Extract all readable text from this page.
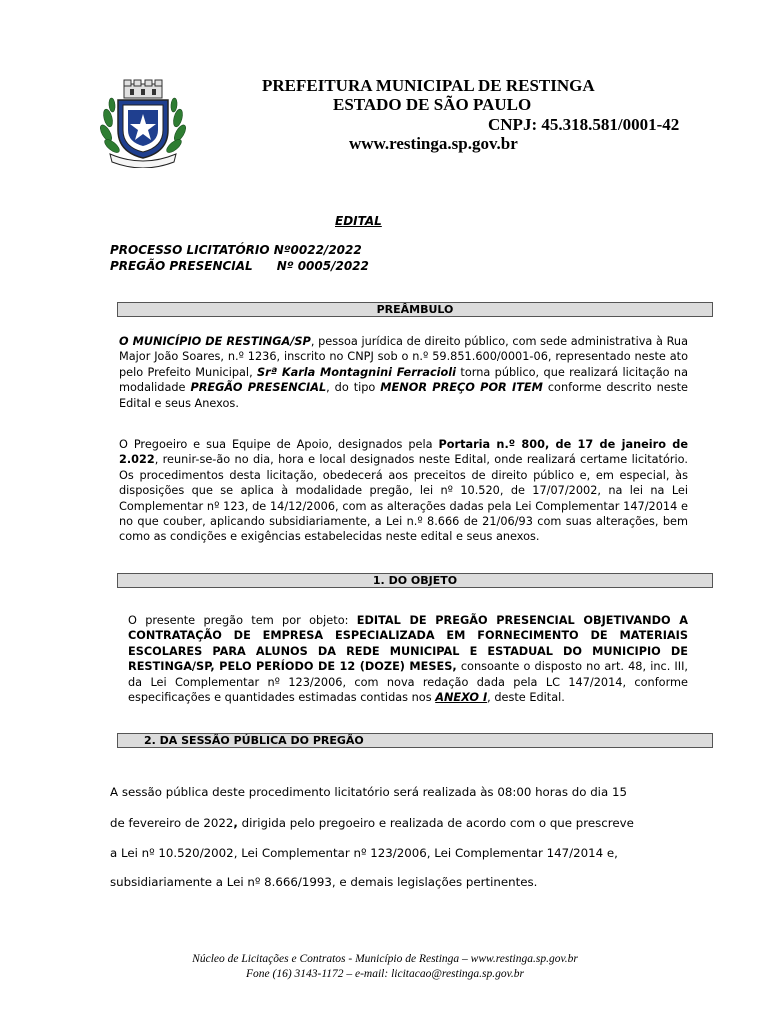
PREFEITURA MUNICIPAL DE RESTINGA
ESTADO DE SÃO PAULO
CNPJ: 45.318.581/0001-42
www.restinga.sp.gov.br
EDITAL
PROCESSO LICITATÓRIO Nº0022/2022
PREGÃO PRESENCIAL Nº 0005/2022
PREÂMBULO
O MUNICÍPIO DE RESTINGA/SP, pessoa jurídica de direito público, com sede administrativa à Rua Major João Soares, n.º 1236, inscrito no CNPJ sob o n.º 59.851.600/0001-06, representado neste ato pelo Prefeito Municipal, Srª Karla Montagnini Ferracioli torna público, que realizará licitação na modalidade PREGÃO PRESENCIAL, do tipo MENOR PREÇO POR ITEM conforme descrito neste Edital e seus Anexos.
O Pregoeiro e sua Equipe de Apoio, designados pela Portaria n.º 800, de 17 de janeiro de 2.022, reunir-se-ão no dia, hora e local designados neste Edital, onde realizará certame licitatório. Os procedimentos desta licitação, obedecerá aos preceitos de direito público e, em especial, às disposições que se aplica à modalidade pregão, lei nº 10.520, de 17/07/2002, na lei na Lei Complementar nº 123, de 14/12/2006, com as alterações dadas pela Lei Complementar 147/2014 e no que couber, aplicando subsidiariamente, a Lei n.º 8.666 de 21/06/93 com suas alterações, bem como as condições e exigências estabelecidas neste edital e seus anexos.
1. DO OBJETO
O presente pregão tem por objeto: EDITAL DE PREGÃO PRESENCIAL OBJETIVANDO A CONTRATAÇÃO DE EMPRESA ESPECIALIZADA EM FORNECIMENTO DE MATERIAIS ESCOLARES PARA ALUNOS DA REDE MUNICIPAL E ESTADUAL DO MUNICIPIO DE RESTINGA/SP, PELO PERÍODO DE 12 (DOZE) MESES, consoante o disposto no art. 48, inc. III, da Lei Complementar nº 123/2006, com nova redação dada pela LC 147/2014, conforme especificações e quantidades estimadas contidas nos ANEXO I, deste Edital.
2. DA SESSÃO PÚBLICA DO PREGÃO
A sessão pública deste procedimento licitatório será realizada às 08:00 horas do dia 15
de fevereiro de 2022, dirigida pelo pregoeiro e realizada de acordo com o que prescreve
a Lei nº 10.520/2002, Lei Complementar nº 123/2006, Lei Complementar 147/2014 e,
subsidiariamente a Lei nº 8.666/1993, e demais legislações pertinentes.
Núcleo de Licitações e Contratos - Município de Restinga – www.restinga.sp.gov.br
Fone (16) 3143-1172 – e-mail: licitacao@restinga.sp.gov.br
